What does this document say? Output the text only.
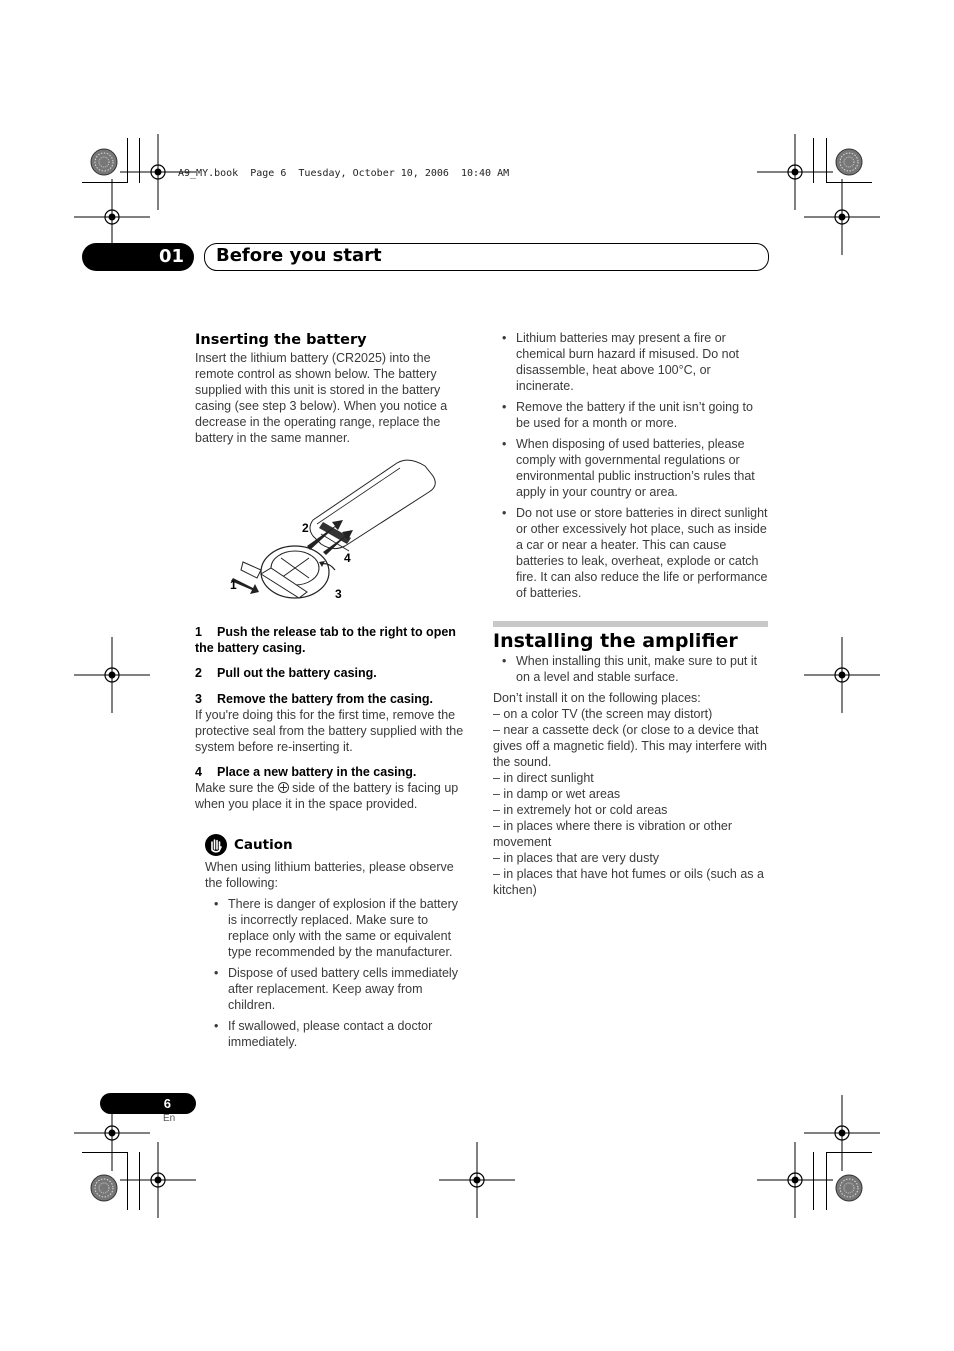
A9_MY.book  Page 6  Tuesday, October 10, 2006  10:40 AM
01	Before you start
Inserting the battery

Insert the lithium battery (CR2025) into the remote control as shown below. The battery supplied with this unit is stored in the battery casing (see step 3 below). When you notice a decrease in the operating range, replace the battery in the same manner.

2
4
1
3

1 Push the release tab to the right to open the battery casing.

2 Pull out the battery casing.

3 Remove the battery from the casing.

If you're doing this for the first time, remove the protective seal from the battery supplied with the system before re-inserting it.

4 Place a new battery in the casing.

Make sure the
side of the battery is facing up when you place it in the space provided.

Caution

When using lithium batteries, please observe the following:

• There is danger of explosion if the battery is incorrectly replaced. Make sure to replace only with the same or equivalent type recommended by the manufacturer.
• Dispose of used battery cells immediately after replacement. Keep away from children.
• If swallowed, please contact a doctor immediately.
• Lithium batteries may present a fire or chemical burn hazard if misused. Do not disassemble, heat above 100°C, or incinerate.
• Remove the battery if the unit isn’t going to be used for a month or more.
• When disposing of used batteries, please comply with governmental regulations or environmental public instruction’s rules that apply in your country or area.
• Do not use or store batteries in direct sunlight or other excessively hot place, such as inside a car or near a heater. This can cause batteries to leak, overheat, explode or catch fire. It can also reduce the life or performance of batteries.
Installing the amplifier
• When installing this unit, make sure to put it on a level and stable surface.

Don’t install it on the following places:

– on a color TV (the screen may distort)

– near a cassette deck (or close to a device that gives off a magnetic field). This may interfere with the sound.

– in direct sunlight

– in damp or wet areas

– in extremely hot or cold areas

– in places where there is vibration or other movement

– in places that are very dusty

– in places that have hot fumes or oils (such as a kitchen)

6
En
